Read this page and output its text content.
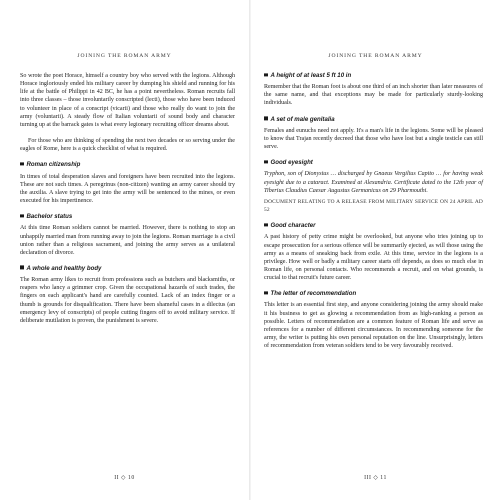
JOINING THE ROMAN ARMY

So wrote the poet Horace, himself a country boy who served with the legions. Although Horace ingloriously ended his military career by dumping his shield and running for his life at the battle of Philippi in 42 BC, he has a point nevertheless. Roman recruits fall into three classes – those involuntarily conscripted (lecti), those who have been induced to volunteer in place of a conscript (vicarii) and those who really do want to join the army (voluntarii). A steady flow of Italian voluntarii of sound body and character turning up at the barrack gates is what every legionary recruiting officer dreams about.

For those who are thinking of spending the next two decades or so serving under the eagles of Rome, here is a quick checklist of what is required.

Roman citizenship

In times of total desperation slaves and foreigners have been recruited into the legions. These are not such times. A peregrinus (non-citizen) wanting an army career should try the auxilia. A slave trying to get into the army will be sentenced to the mines, or even executed for his impertinence.

Bachelor status

At this time Roman soldiers cannot be married. However, there is nothing to stop an unhappily married man from running away to join the legions. Roman marriage is a civil union rather than a religious sacrament, and joining the army serves as a unilateral declaration of divorce.

A whole and healthy body

The Roman army likes to recruit from professions such as butchers and blacksmiths, or reapers who lancy a grimmer crop. Given the occupational hazards of such trades, the fingers on each applicant's hand are carefully counted. Lack of an index finger or a thumb is grounds for disqualification. There have been shameful cases in a dilectus (an emergency levy of conscripts) of people cutting fingers off to avoid military service. If deliberate mutilation is proven, the punishment is severe.

II ◇ 10
JOINING THE ROMAN ARMY
A height of at least 5 ft 10 in

Remember that the Roman foot is about one third of an inch shorter than later measures of the same name, and that exceptions may be made for particularly sturdy-looking individuals.

A set of male genitalia

Females and eunuchs need not apply. It's a man's life in the legions. Some will be pleased to know that Trajan recently decreed that those who have lost but a single testicle can still serve.

Good eyesight

Tryphon, son of Dionysius … discharged by Gnaeus Vergilius Capito … for having weak eyesight due to a cataract. Examined at Alexandria. Certificate dated to the 12th year of Tiberius Claudius Caesar Augustus Germanicus on 29 Pharmouthi.

DOCUMENT RELATING TO A RELEASE FROM MILITARY SERVICE ON 24 APRIL AD 52

Good character

A past history of petty crime might be overlooked, but anyone who tries joining up to escape prosecution for a serious offence will be summarily ejected, as will those using the army as a means of sneaking back from exile. At this time, service in the legions is a privilege. How well or badly a military career starts off depends, as does so much else in Roman life, on personal contacts. Who recommends a recruit, and on what grounds, is crucial to that recruit's future career.

The letter of recommendation

This letter is an essential first step, and anyone considering joining the army should make it his business to get as glowing a recommendation from as high-ranking a person as possible. Letters of recommendation are a common feature of Roman life and serve as references for a number of different circumstances. In recommending someone for the army, the writer is putting his own personal reputation on the line. Unsurprisingly, letters of recommendation from veteran soldiers tend to be very favourably received.

III ◇ 11
